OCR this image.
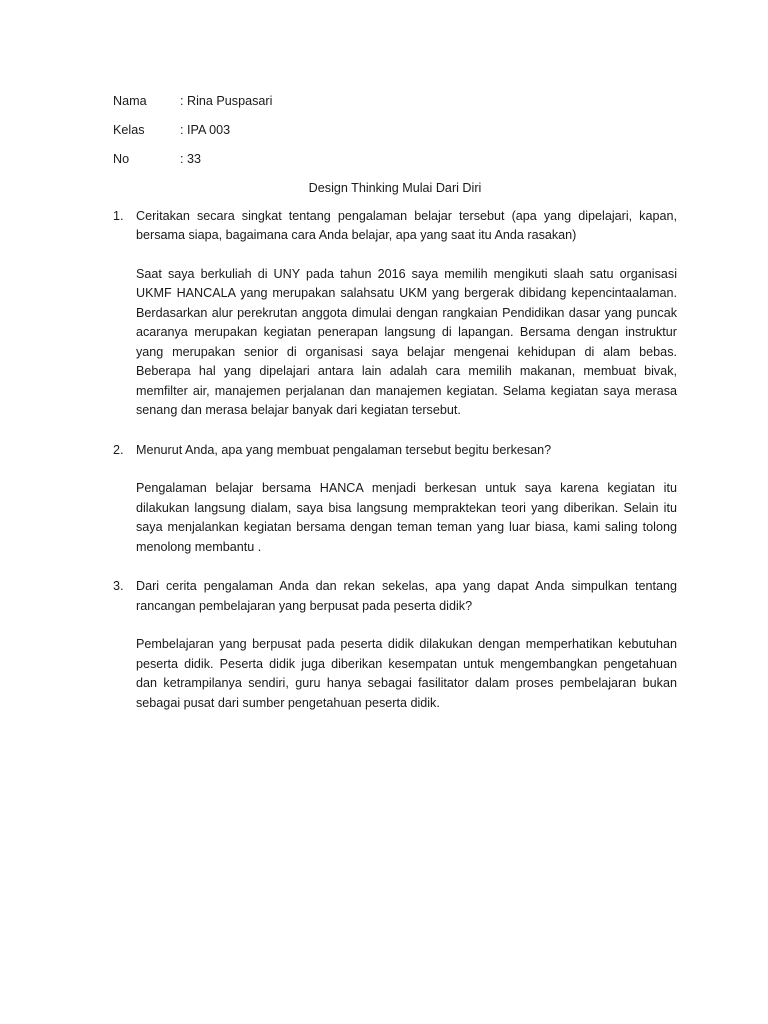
Nama	: Rina Puspasari
Kelas	: IPA 003
No	: 33
Design Thinking Mulai Dari Diri
1. Ceritakan secara singkat tentang pengalaman belajar tersebut (apa yang dipelajari, kapan, bersama siapa, bagaimana cara Anda belajar, apa yang saat itu Anda rasakan)

Saat saya berkuliah di UNY pada tahun 2016 saya memilih mengikuti slaah satu organisasi UKMF HANCALA yang merupakan salahsatu UKM yang bergerak dibidang kepencintaalaman. Berdasarkan alur perekrutan anggota dimulai dengan rangkaian Pendidikan dasar yang puncak acaranya merupakan kegiatan penerapan langsung di lapangan. Bersama dengan instruktur yang merupakan senior di organisasi saya belajar mengenai kehidupan di alam bebas. Beberapa hal yang dipelajari antara lain adalah cara memilih makanan, membuat bivak, memfilter air, manajemen perjalanan dan manajemen kegiatan. Selama kegiatan saya merasa senang dan merasa belajar banyak dari kegiatan tersebut.

2. Menurut Anda, apa yang membuat pengalaman tersebut begitu berkesan?

Pengalaman belajar bersama HANCA menjadi berkesan untuk saya karena kegiatan itu dilakukan langsung dialam, saya bisa langsung mempraktekan teori yang diberikan. Selain itu saya menjalankan kegiatan bersama dengan teman teman yang luar biasa, kami saling tolong menolong membantu .

3. Dari cerita pengalaman Anda dan rekan sekelas, apa yang dapat Anda simpulkan tentang rancangan pembelajaran yang berpusat pada peserta didik?

Pembelajaran yang berpusat pada peserta didik dilakukan dengan memperhatikan kebutuhan peserta didik. Peserta didik juga diberikan kesempatan untuk mengembangkan pengetahuan dan ketrampilanya sendiri, guru hanya sebagai fasilitator dalam proses pembelajaran bukan sebagai pusat dari sumber pengetahuan peserta didik.
